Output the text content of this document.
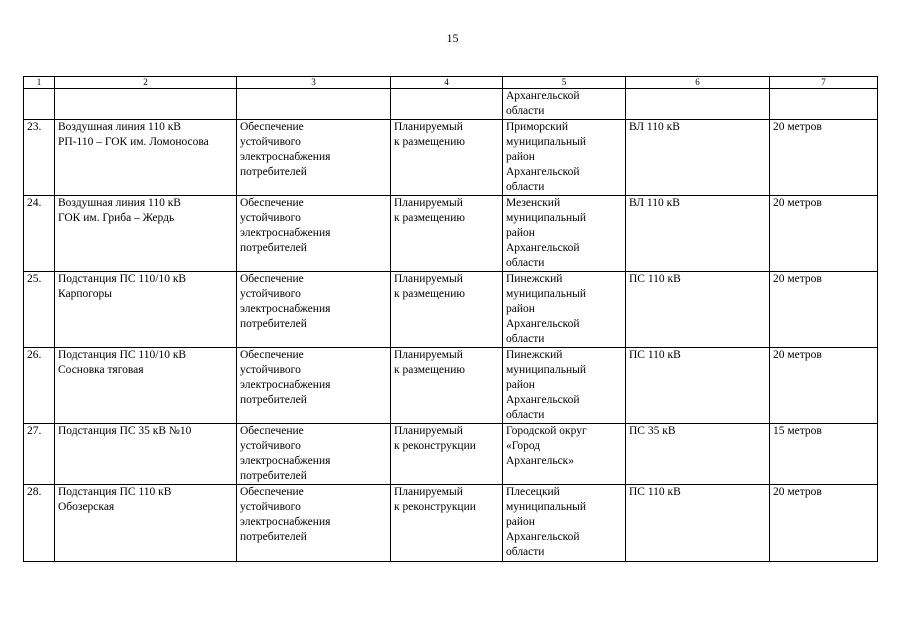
15
1	2	3	4	5	6	7

				Архангельской
области		

23.	Воздушная линия 110 кВ
РП-110 – ГОК им. Ломоносова	Обеспечение
устойчивого
электроснабжения
потребителей	Планируемый
к размещению	Приморский
муниципальный
район
Архангельской
области	ВЛ 110 кВ	20 метров
24.	Воздушная линия 110 кВ
ГОК им. Гриба – Жердь	Обеспечение
устойчивого
электроснабжения
потребителей	Планируемый
к размещению	Мезенский
муниципальный
район
Архангельской
области	ВЛ 110 кВ	20 метров
25.	Подстанция ПС 110/10 кВ
Карпогоры	Обеспечение
устойчивого
электроснабжения
потребителей	Планируемый
к размещению	Пинежский
муниципальный
район
Архангельской
области	ПС 110 кВ	20 метров
26.	Подстанция ПС 110/10 кВ
Сосновка тяговая	Обеспечение
устойчивого
электроснабжения
потребителей	Планируемый
к размещению	Пинежский
муниципальный
район
Архангельской
области	ПС 110 кВ	20 метров
27.	Подстанция ПС 35 кВ №10	Обеспечение
устойчивого
электроснабжения
потребителей	Планируемый
к реконструкции	Городской округ
«Город
Архангельск»	ПС 35 кВ	15 метров
28.	Подстанция ПС 110 кВ
Обозерская	Обеспечение
устойчивого
электроснабжения
потребителей	Планируемый
к реконструкции	Плесецкий
муниципальный
район
Архангельской
области	ПС 110 кВ	20 метров
